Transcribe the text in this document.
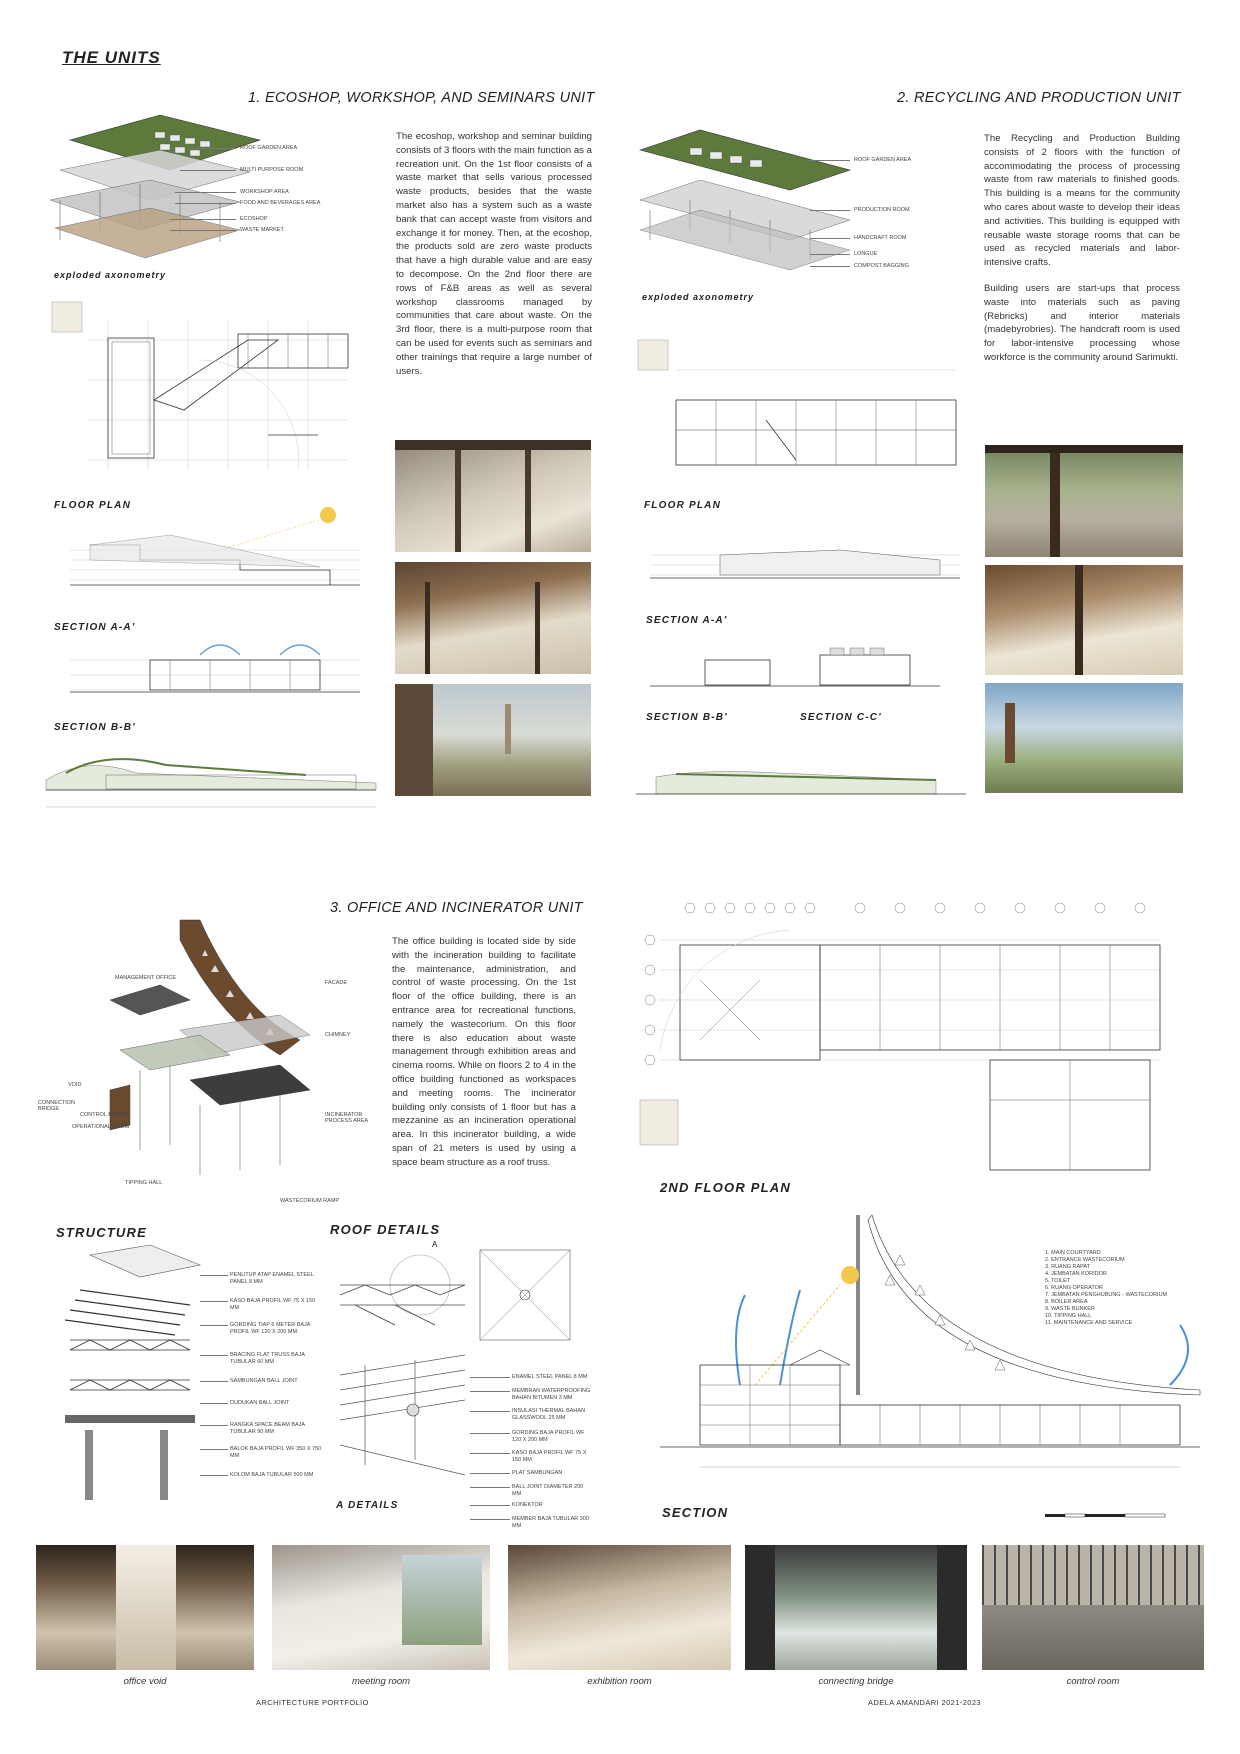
THE UNITS
1. ECOSHOP, WORKSHOP, AND SEMINARS UNIT
ROOF GARDEN AREA
MULTI PURPOSE ROOM
WORKSHOP AREA
FOOD AND BEVERAGES AREA
ECOSHOP
WASTE MARKET
exploded axonometry
The ecoshop, workshop and seminar building consists of 3 floors with the main function as a recreation unit. On the 1st floor consists of a waste market that sells various processed waste products, besides that the waste market also has a system such as a waste bank that can accept waste from visitors and exchange it for money. Then, at the ecoshop, the products sold are zero waste products that have a high durable value and are easy to decompose. On the 2nd floor there are rows of F&B areas as well as several workshop classrooms managed by communities that care about waste. On the 3rd floor, there is a multi-purpose room that can be used for events such as seminars and other trainings that require a large number of users.
FLOOR PLAN
SECTION A-A'
SECTION B-B'
2. RECYCLING AND PRODUCTION UNIT
ROOF GARDEN AREA
PRODUCTION ROOM
HANDCRAFT ROOM
LONGUE
COMPOST BAGGING
exploded axonometry
The Recycling and Production Building consists of 2 floors with the function of accommodating the process of processing waste from raw materials to finished goods. This building is a means for the community who cares about waste to develop their ideas and activities. This building is equipped with reusable waste storage rooms that can be used as recycled materials and labor-intensive crafts.
Building users are start-ups that process waste into materials such as paving (Rebricks) and interior materials (madebyrobries). The handcraft room is used for labor-intensive processing whose workforce is the community around Sarimukti.
FLOOR PLAN
SECTION A-A'
SECTION B-B'	SECTION C-C'
3. OFFICE AND INCINERATOR UNIT
MANAGEMENT OFFICE
VOID
CONNECTION BRIDGE
CONTROL BRIDGE
OPERATIONAL ROOM
TIPPING HALL
FACADE
CHIMNEY
INCINERATOR PROCESS AREA
WASTECORIUM RAMP
The office building is located side by side with the incineration building to facilitate the maintenance, administration, and control of waste processing. On the 1st floor of the office building, there is an entrance area for recreational functions, namely the wastecorium. On this floor there is also education about waste management through exhibition areas and cinema rooms. While on floors 2 to 4 in the office building functioned as workspaces and meeting rooms. The incinerator building only consists of 1 floor but has a mezzanine as an incineration operational area. In this incinerator building, a wide span of 21 meters is used by using a space beam structure as a roof truss.
2ND FLOOR PLAN
STRUCTURE
PENUTUP ATAP ENAMEL STEEL PANEL 8 MM
KASO BAJA PROFIL WF 75 X 150 MM
GORDING TIAP 6 METER BAJA PROFIL WF 120 X 200 MM
BRACING FLAT TRUSS BAJA TUBULAR 60 MM
SAMBUNGAN BALL JOINT
DUDUKAN BALL JOINT
RANGKA SPACE BEAM BAJA TUBULAR 90 MM
BALOK BAJA PROFIL WF 350 X 750 MM
KOLOM BAJA TUBULAR 500 MM
ROOF DETAILS
A
ENAMEL STEEL PANEL 8 MM
MEMBRAN WATERPROOFING BAHAN BITUMEN 3 MM
INSULASI THERMAL BAHAN GLASSWOOL 25 MM
GORDING BAJA PROFIL WF 120 X 200 MM
KASO BAJA PROFIL WF 75 X 150 MM
PLAT SAMBUNGAN
BALL JOINT DIAMETER 200 MM
KONEKTOR
MEMBER BAJA TUBULAR 300 MM
A DETAILS
1. MAIN COURTYARD
2. ENTRANCE WASTECORIUM
3. RUANG RAPAT
4. JEMBATAN KORIDOR
5. TOILET
6. RUANG OPERATOR
7. JEMBATAN PENGHUBUNG - WASTECORIUM
8. BOILER AREA
9. WASTE BUNKER
10. TIPPING HALL
11. MAINTENANCE AND SERVICE
SECTION
office void	meeting room	exhibition room	connecting bridge	control room
ARCHITECTURE PORTFOLIO	ADELA AMANDARI 2021-2023
